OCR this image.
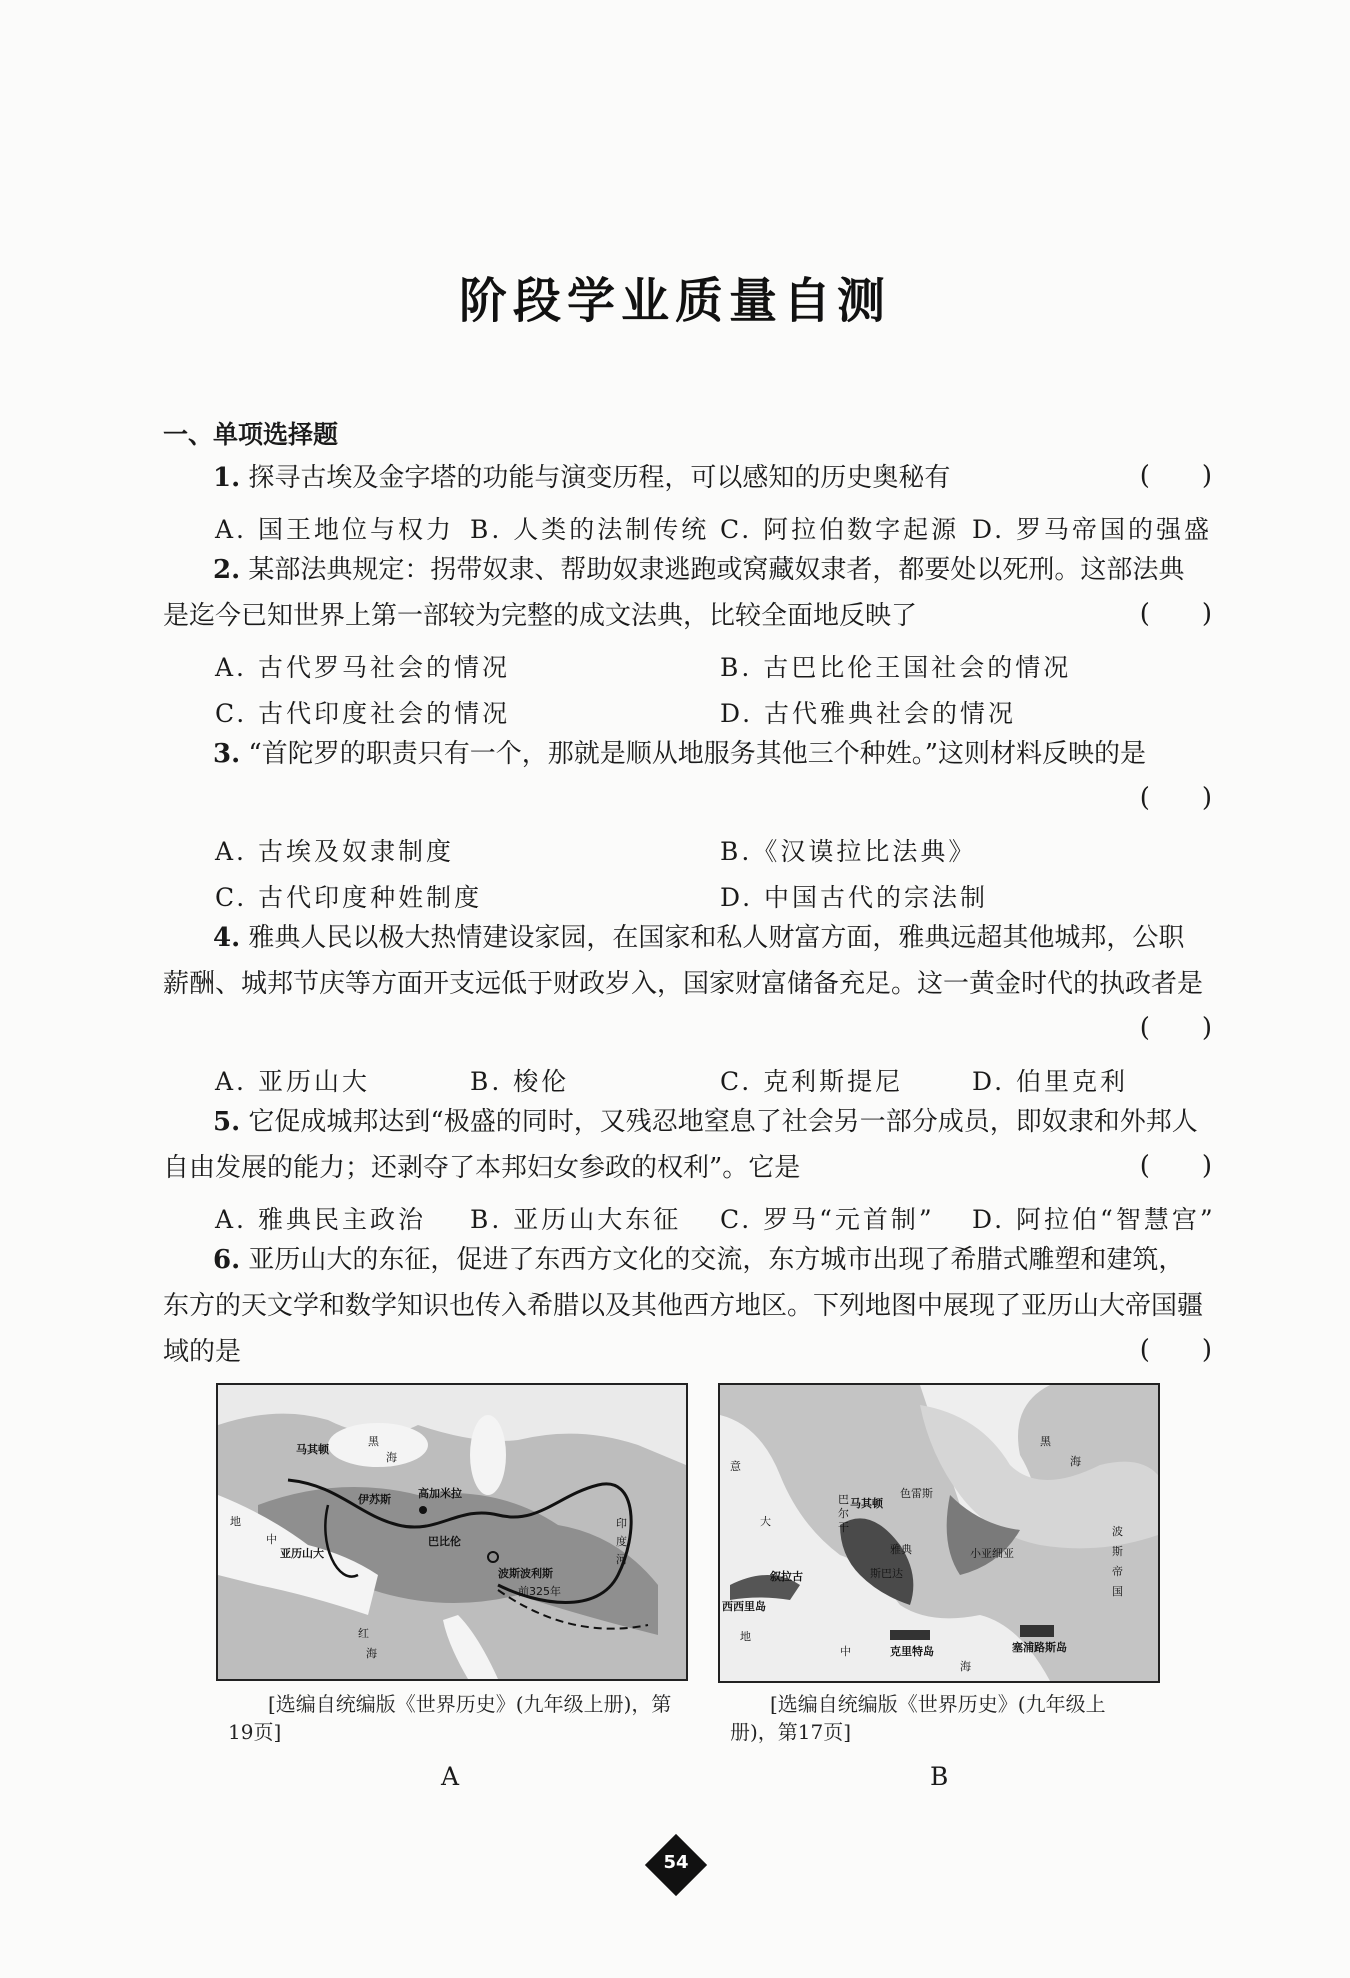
阶段学业质量自测
一、单项选择题
1. 探寻古埃及金字塔的功能与演变历程，可以感知的历史奥秘有	(　　)
A. 国王地位与权力 B. 人类的法制传统 C. 阿拉伯数字起源 D. 罗马帝国的强盛
2. 某部法典规定：拐带奴隶、帮助奴隶逃跑或窝藏奴隶者，都要处以死刑。这部法典是迄今已知世界上第一部较为完整的成文法典，比较全面地反映了	(　　)
A. 古代罗马社会的情况	B. 古巴比伦王国社会的情况
C. 古代印度社会的情况	D. 古代雅典社会的情况
3. “首陀罗的职责只有一个，那就是顺从地服务其他三个种姓。”这则材料反映的是
(　　)
A. 古埃及奴隶制度	B.《汉谟拉比法典》
C. 古代印度种姓制度	D. 中国古代的宗法制
4. 雅典人民以极大热情建设家园，在国家和私人财富方面，雅典远超其他城邦，公职薪酬、城邦节庆等方面开支远低于财政岁入，国家财富储备充足。这一黄金时代的执政者是
(　　)
A. 亚历山大	B. 梭伦	C. 克利斯提尼	D. 伯里克利
5. 它促成城邦达到“极盛的同时，又残忍地窒息了社会另一部分成员，即奴隶和外邦人自由发展的能力；还剥夺了本邦妇女参政的权利”。它是	(　　)
A. 雅典民主政治 B. 亚历山大东征 C. 罗马“元首制” D. 阿拉伯“智慧宫”
6. 亚历山大的东征，促进了东西方文化的交流，东方城市出现了希腊式雕塑和建筑，东方的天文学和数学知识也传入希腊以及其他西方地区。下列地图中展现了亚历山大帝国疆域的是	(　　)
马其顿
黑
海
地
中
伊苏斯 高加米拉
巴比伦
亚历山大
波斯波利斯
前325年
红
海
印
度
河
[选编自统编版《世界历史》(九年级上册)，第19页]
A
意
大
西西里岛
叙拉古
巴
尔
干
马其顿
色雷斯
雅典
斯巴达
黑
海
小亚细亚
波
斯
帝
国
克里特岛	塞浦路斯岛
地
中
海
[选编自统编版《世界历史》(九年级上册)，第17页]
B
54
